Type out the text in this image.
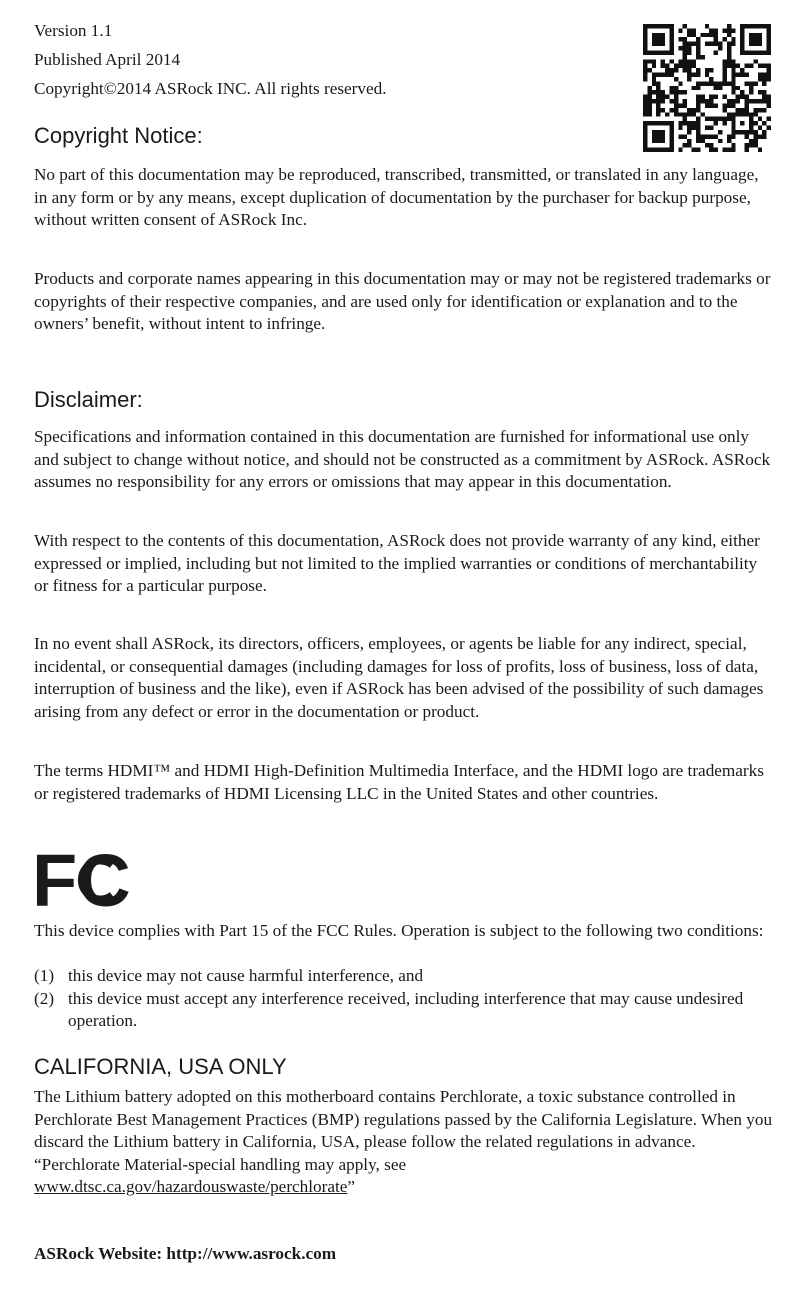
Version 1.1

Published April 2014

Copyright©2014 ASRock INC. All rights reserved.

Copyright Notice:

No part of this documentation may be reproduced, transcribed, transmitted, or translated in any language, in any form or by any means, except duplication of documentation by the purchaser for backup purpose, without written consent of ASRock Inc.

Products and corporate names appearing in this documentation may or may not be registered trademarks or copyrights of their respective companies, and are used only for identification or explanation and to the owners’ benefit, without intent to infringe.

Disclaimer:

Specifications and information contained in this documentation are furnished for informational use only and subject to change without notice, and should not be constructed as a commitment by ASRock. ASRock assumes no responsibility for any errors or omissions that may appear in this documentation.

With respect to the contents of this documentation, ASRock does not provide warranty of any kind, either expressed or implied, including but not limited to the implied warranties or conditions of merchantability or fitness for a particular purpose.

In no event shall ASRock, its directors, officers, employees, or agents be liable for any indirect, special, incidental, or consequential damages (including damages for loss of profits, loss of business, loss of data, interruption of business and the like), even if ASRock has been advised of the possibility of such damages arising from any defect or error in the documentation or product.

The terms HDMI™ and HDMI High-Definition Multimedia Interface, and the HDMI logo are trademarks or registered trademarks of HDMI Licensing LLC in the United States and other countries.

FC

This device complies with Part 15 of the FCC Rules. Operation is subject to the following two conditions:

(1) this device may not cause harmful interference, and
(2) this device must accept any interference received, including interference that may cause undesired operation.
CALIFORNIA, USA ONLY
The Lithium battery adopted on this motherboard contains Perchlorate, a toxic substance controlled in Perchlorate Best Management Practices (BMP) regulations passed by the California Legislature. When you discard the Lithium battery in California, USA, please follow the related regulations in advance.
“Perchlorate Material-special handling may apply, see
www.dtsc.ca.gov/hazardouswaste/perchlorate”
ASRock Website: http://www.asrock.com
